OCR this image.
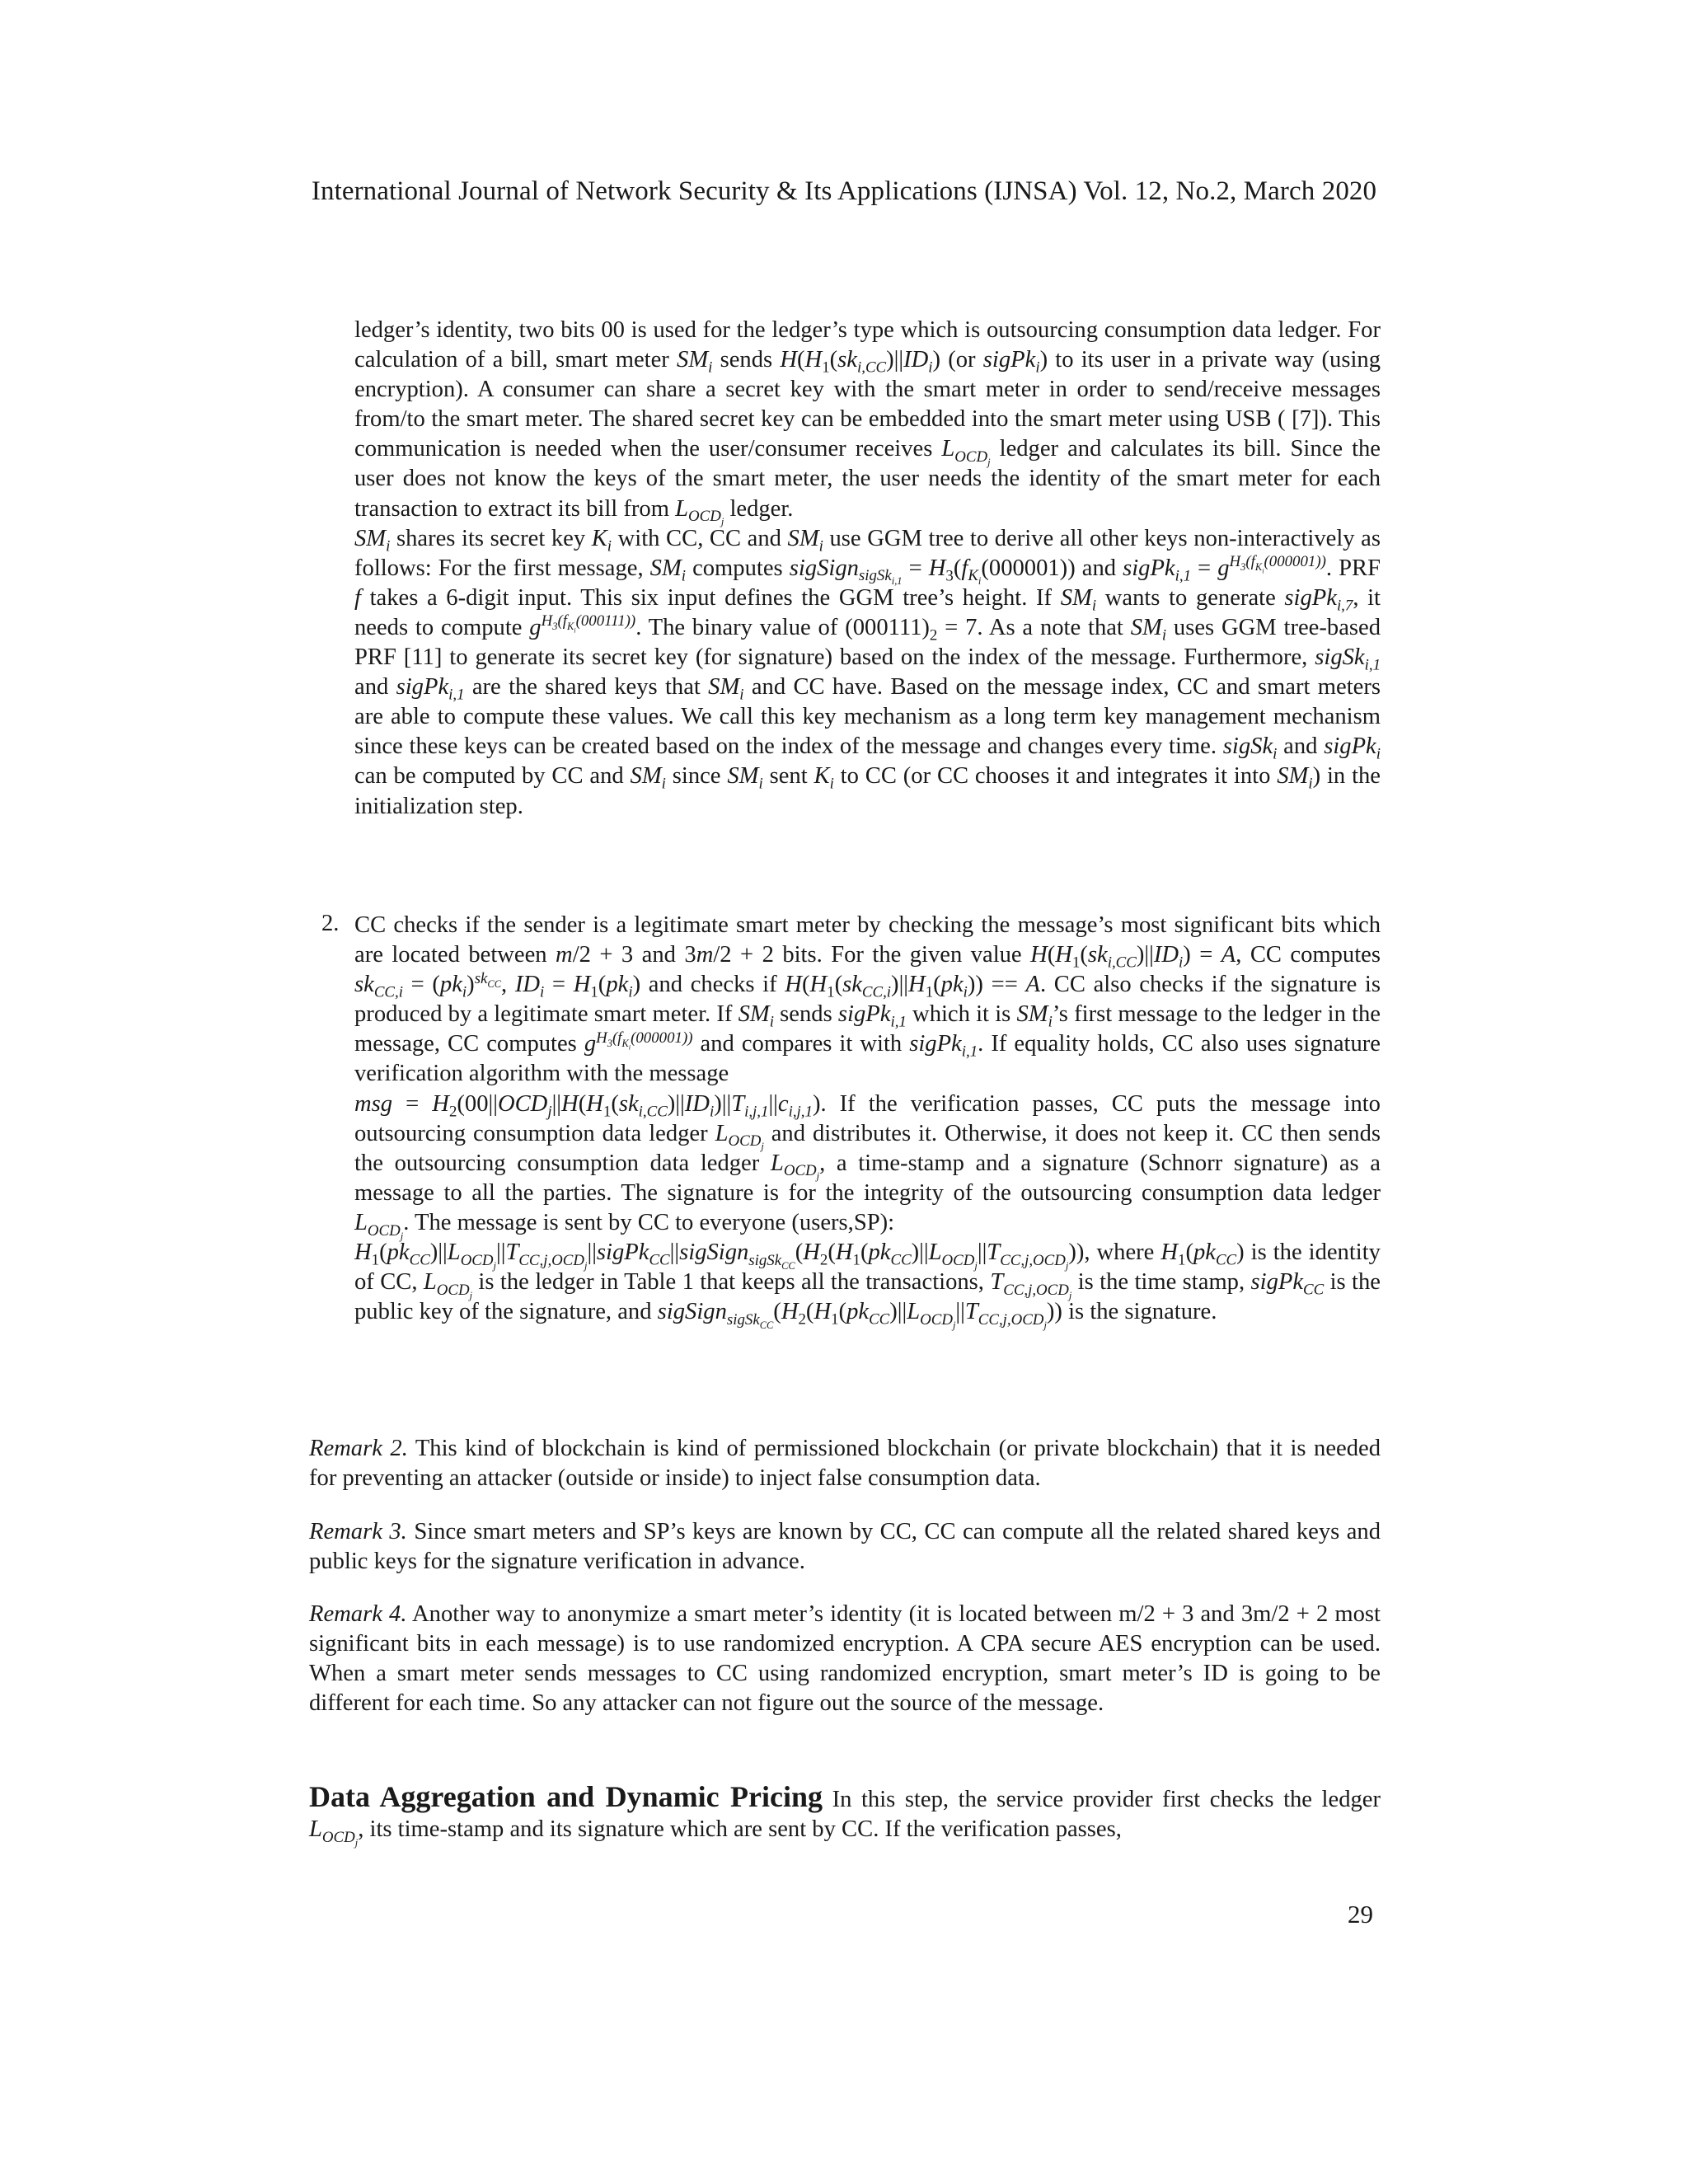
International Journal of Network Security & Its Applications (IJNSA) Vol. 12, No.2, March 2020

ledger’s identity, two bits 00 is used for the ledger’s type which is outsourcing consumption data ledger. For calculation of a bill, smart meter $SM_i$ sends $H(H_1(sk_{i,CC})||ID_i)$ (or sigPk$_i$) to its user in a private way (using encryption). A consumer can share a secret key with the smart meter in order to send/receive messages from/to the smart meter. The shared secret key can be embedded into the smart meter using USB ( [7]). This communication is needed when the user/consumer receives $L_{OCD_j}$ ledger and calculates its bill. Since the user does not know the keys of the smart meter, the user needs the identity of the smart meter for each transaction to extract its bill from $L_{OCD_j}$ ledger.

$SM_i$ shares its secret key $K_i$ with CC, CC and $SM_i$ use GGM tree to derive all other keys non-interactively as follows: For the first message, $SM_i$ computes sigSign$_{sigSk_{i,1}}$ = $H_3(f_{K_i}(000001))$ and sigPk$_{i,1}$ = $g^{H_3(f_{K_i}(000001))}$. PRF f takes a 6-digit input. This six input defines the GGM tree’s height. If $SM_i$ wants to generate sigPk$_{i,7}$, it needs to compute $g^{H_3(f_{K_i}(000111))}$. The binary value of $(000111)_2 = 7$. As a note that $SM_i$ uses GGM tree-based PRF [11] to generate its secret key (for signature) based on the index of the message. Furthermore, sigSk$_{i,1}$ and sigPk$_{i,1}$ are the shared keys that $SM_i$ and CC have. Based on the message index, CC and smart meters are able to compute these values. We call this key mechanism as a long term key management mechanism since these keys can be created based on the index of the message and changes every time. sigSk$_i$ and sigPk$_i$ can be computed by CC and $SM_i$ since $SM_i$ sent $K_i$ to CC (or CC chooses it and integrates it into $SM_i$) in the initialization step.

2. CC checks if the sender is a legitimate smart meter by checking the message’s most significant bits which are located between m/2 + 3 and 3m/2 + 2 bits. For the given value $H(H_1(sk_{i,CC})||ID_i) = A$, CC computes $sk_{CC,i} = (pk_i)^{sk_{CC}}$, $ID_i = H_1(pk_i)$ and checks if $H(H_1(sk_{CC,i})||H_1(pk_i)) == A$. CC also checks if the signature is produced by a legitimate smart meter. If $SM_i$ sends sigPk$_{i,1}$ which it is $SM_i’s$ first message to the ledger in the message, CC computes $g^{H_3(f_{K_i}(000001))}$ and compares it with sigPk$_{i,1}$. If equality holds, CC also uses signature verification algorithm with the message
msg = $H_2(00||OCD_j||H(H_1(sk_{i,CC})||ID_i)||T_{i,j,1}||c_{i,j,1})$. If the verification passes, CC puts the message into outsourcing consumption data ledger $L_{OCD_j}$ and distributes it. Otherwise, it does not keep it. CC then sends the outsourcing consumption data ledger $L_{OCD_j}$, a time-stamp and a signature (Schnorr signature) as a message to all the parties. The signature is for the integrity of the outsourcing consumption data ledger $L_{OCD_j}$. The message is sent by CC to everyone (users,SP):
$H_1(pk_{CC})||L_{OCD_j}||T_{CC,j,OCD_j}||sigPk_{CC}||sigSign_{sigSk_{CC}}(H_2(H_1(pk_{CC})||L_{OCD_j}||T_{CC,j,OCD_j}))$, where $H_1(pk_{CC})$ is the identity of CC, $L_{OCD_j}$ is the ledger in Table 1 that keeps all the transactions, $T_{CC,j,OCD_j}$ is the time stamp, sigPk$_{CC}$ is the public key of the signature, and $sigSign_{sigSk_{CC}}(H_2(H_1(pk_{CC})||L_{OCD_j}||T_{CC,j,OCD_j}))$ is the signature.

Remark 2. This kind of blockchain is kind of permissioned blockchain (or private blockchain) that it is needed for preventing an attacker (outside or inside) to inject false consumption data.
Remark 3. Since smart meters and SP’s keys are known by CC, CC can compute all the related shared keys and public keys for the signature verification in advance.
Remark 4. Another way to anonymize a smart meter’s identity (it is located between m/2 + 3 and 3m/2 + 2 most significant bits in each message) is to use randomized encryption. A CPA secure AES encryption can be used. When a smart meter sends messages to CC using randomized encryption, smart meter’s ID is going to be different for each time. So any attacker can not figure out the source of the message.
Data Aggregation and Dynamic Pricing In this step, the service provider first checks the ledger $L_{OCD_j}$, its time-stamp and its signature which are sent by CC. If the verification passes,
29
